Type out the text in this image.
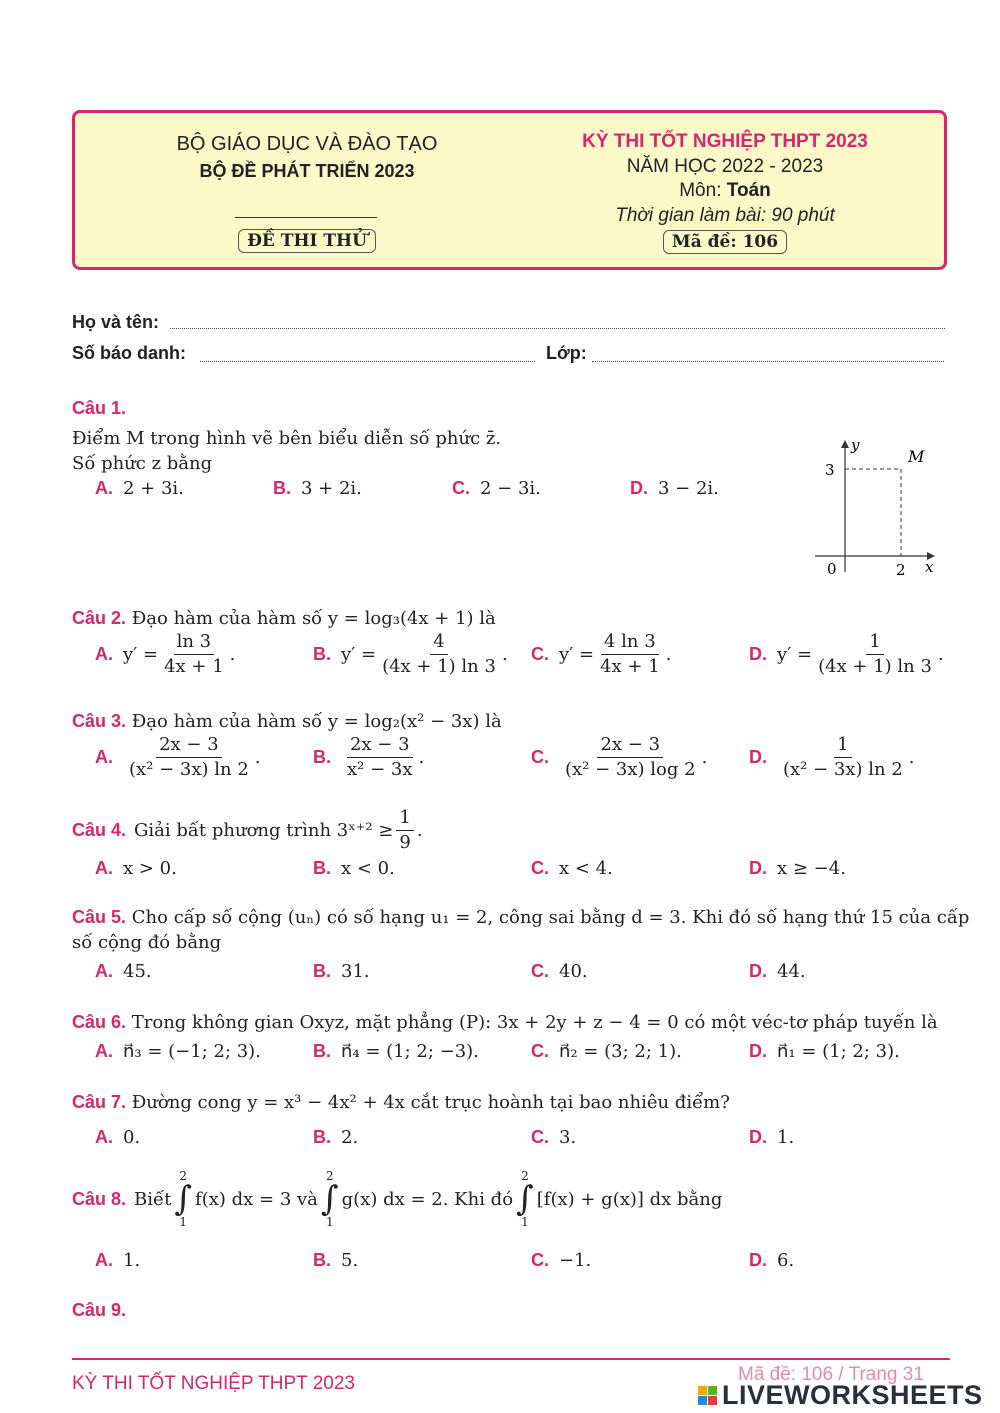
BỘ GIÁO DỤC VÀ ĐÀO TẠO
BỘ ĐỀ PHÁT TRIỂN 2023
ĐỀ THI THỬ
KỲ THI TỐT NGHIỆP THPT 2023
NĂM HỌC 2022 - 2023
Môn: Toán
Thời gian làm bài: 90 phút
Mã đề: 106
Họ và tên:
Số báo danh:	Lớp:
Câu 1.
Điểm M trong hình vẽ bên biểu diễn số phức z̄.
Số phức z bằng
A. 2 + 3i.	B. 3 + 2i.	C. 2 − 3i.	D. 3 − 2i.
y
x
0
3
2
M
Câu 2. Đạo hàm của hàm số y = log₃(4x + 1) là
A. $y' = \frac{\ln 3}{4x + 1}$ .	B. $y' = \frac{4}{(4x + 1) \ln 3}$ . C. $y' = \frac{4 \ln 3}{4x + 1}$ .	D. $y' = \frac{1}{(4x + 1) \ln 3}$ .
Câu 3. Đạo hàm của hàm số y = log₂(x² − 3x) là
A. $\frac{2x - 3}{\text{(x² − 3x) ln 2}}$ .	B. $\frac{2x - 3}{\text{x² − 3x}}$ .	C. $\frac{2x - 3}{\text{(x² − 3x) log 2}}$ . D. $\frac{1}{\text{(x² − 3x) ln 2}}$ .
Câu 4. Giải bất phương trình 3ˣ⁺² ≥ $\frac{1}{9}$ .
A. x > 0.	B. x < 0.	C. x < 4.	D. x ≥ −4.
Câu 5. Cho cấp số cộng (uₙ) có số hạng u₁ = 2, công sai bằng d = 3. Khi đó số hạng thứ 15 của cấp
số cộng đó bằng
A. 45.	B. 31.	C. 40.	D. 44.
Câu 6. Trong không gian Oxyz, mặt phẳng (P): 3x + 2y + z − 4 = 0 có một véc-tơ pháp tuyến là
A. n⃗₃ = (−1; 2; 3).	B. n⃗₄ = (1; 2; −3).	C. n⃗₂ = (3; 2; 1).	D. n⃗₁ = (1; 2; 3).
Câu 7. Đường cong y = x³ − 4x² + 4x cắt trục hoành tại bao nhiêu điểm?
A. 0.	B. 2.	C. 3.	D. 1.
Câu 8. Biết
2
∫
1
f(x) dx = 3 và
2
∫
1
g(x) dx = 2. Khi đó
2
∫
1
[f(x) + g(x)] dx bằng
A. 1.	B. 5.	C. −1.	D. 6.
Câu 9.
KỲ THI TỐT NGHIỆP THPT 2023	Mã đề: 106 / Trang 31
LIVEWORKSHEETS
